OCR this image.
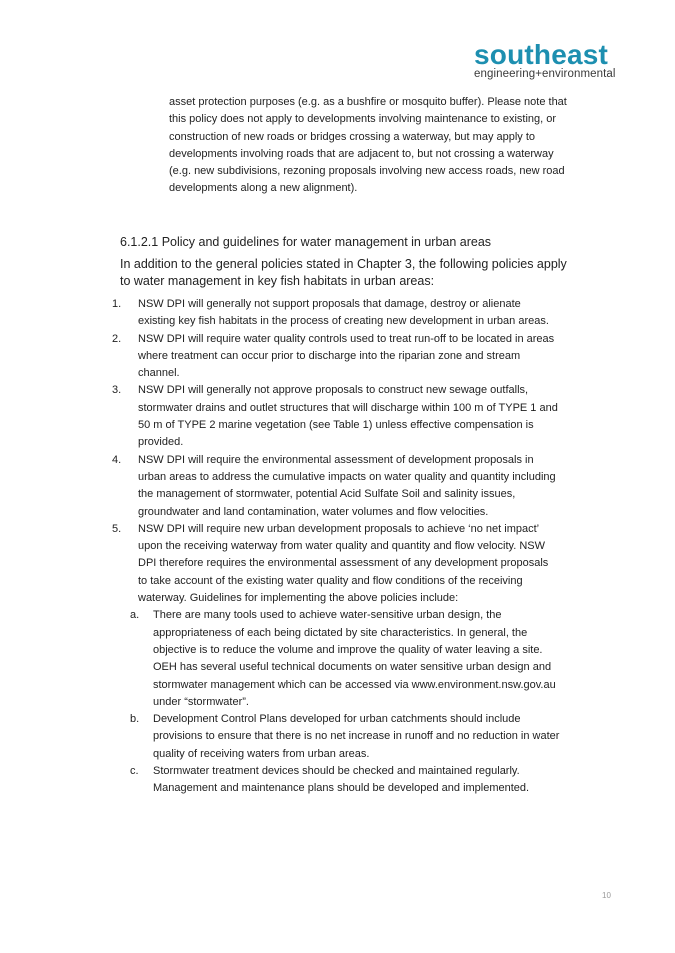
southeast
engineering+environmental
asset protection purposes (e.g. as a bushfire or mosquito buffer). Please note that this policy does not apply to developments involving maintenance to existing, or construction of new roads or bridges crossing a waterway, but may apply to developments involving roads that are adjacent to, but not crossing a waterway (e.g. new subdivisions, rezoning proposals involving new access roads, new road developments along a new alignment).
6.1.2.1 Policy and guidelines for water management in urban areas
In addition to the general policies stated in Chapter 3, the following policies apply to water management in key fish habitats in urban areas:
1.	NSW DPI will generally not support proposals that damage, destroy or alienate existing key fish habitats in the process of creating new development in urban areas.
2.	NSW DPI will require water quality controls used to treat run-off to be located in areas where treatment can occur prior to discharge into the riparian zone and stream channel.
3.	NSW DPI will generally not approve proposals to construct new sewage outfalls, stormwater drains and outlet structures that will discharge within 100 m of TYPE 1 and 50 m of TYPE 2 marine vegetation (see Table 1) unless effective compensation is provided.
4.	NSW DPI will require the environmental assessment of development proposals in urban areas to address the cumulative impacts on water quality and quantity including the management of stormwater, potential Acid Sulfate Soil and salinity issues, groundwater and land contamination, water volumes and flow velocities.
5.	NSW DPI will require new urban development proposals to achieve ‘no net impact’ upon the receiving waterway from water quality and quantity and flow velocity. NSW DPI therefore requires the environmental assessment of any development proposals to take account of the existing water quality and flow conditions of the receiving waterway. Guidelines for implementing the above policies include:
a.	There are many tools used to achieve water-sensitive urban design, the appropriateness of each being dictated by site characteristics. In general, the objective is to reduce the volume and improve the quality of water leaving a site. OEH has several useful technical documents on water sensitive urban design and stormwater management which can be accessed via www.environment.nsw.gov.au under “stormwater”.
b.	Development Control Plans developed for urban catchments should include provisions to ensure that there is no net increase in runoff and no reduction in water quality of receiving waters from urban areas.
c.	Stormwater treatment devices should be checked and maintained regularly. Management and maintenance plans should be developed and implemented.
10
